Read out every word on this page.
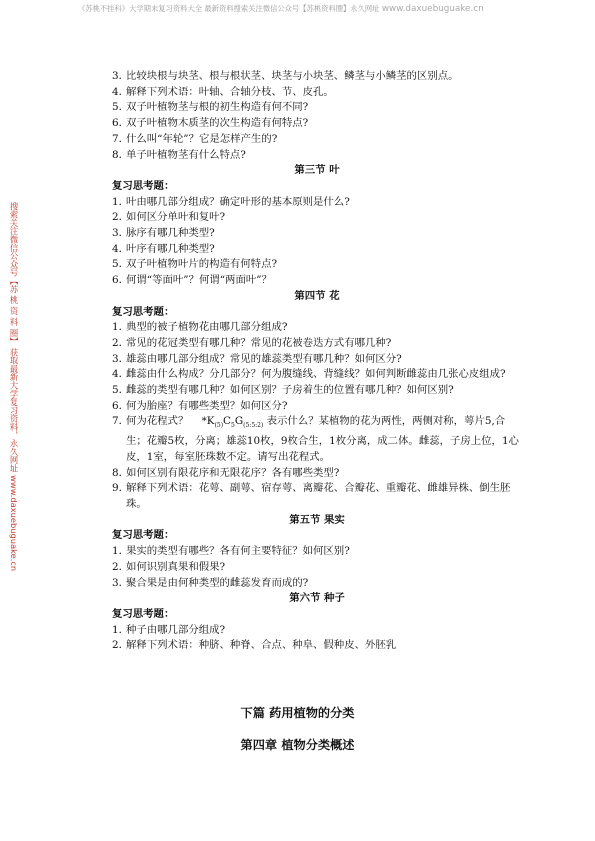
《苏桃不挂科》大学期末复习资料大全 最新资料搜索关注微信公众号【苏桃资料圈】永久网址 www.daxuebuguake.cn
搜索关注微信公众号【苏 桃 资 料 圈】 获取最新大学复习资料，永久网址 www.daxuebuguake.cn
3．
比较块根与块茎、根与根状茎、块茎与小块茎、鳞茎与小鳞茎的区别点。
4．
解释下列术语：叶轴、合轴分枝、节、皮孔。
5．
双子叶植物茎与根的初生构造有何不同?
6．
双子叶植物木质茎的次生构造有何特点?
7．
什么叫“年轮”？它是怎样产生的?
8．
单子叶植物茎有什么特点?
第三节 叶
复习思考题：
1．
叶由哪几部分组成？确定叶形的基本原则是什么?
2．
如何区分单叶和复叶?
3．
脉序有哪几种类型?
4．
叶序有哪几种类型?
5．
双子叶植物叶片的构造有何特点?
6．
何谓“等面叶”？何谓“两面叶”？
第四节 花
复习思考题：
1．
典型的被子植物花由哪几部分组成?
2．
常见的花冠类型有哪几种？常见的花被卷迭方式有哪几种?
3．
雄蕊由哪几部分组成？常见的雄蕊类型有哪几种？如何区分?
4．
雌蕊由什么构成？分几部分？何为腹缝线、背缝线？如何判断雌蕊由几张心皮组成?
5．
雌蕊的类型有哪几种？如何区别？子房着生的位置有哪几种？如何区别?
6．
何为胎座？有哪些类型？如何区分?
7．
何为花程式？ $*K_{(5)}C_5G_{(5:5:2)}$ 表示什么？某植物的花为两性，两侧对称，萼片5,合生；花瓣5枚，分离；雄蕊10枚，9枚合生，1枚分离，成二体。雌蕊，子房上位，1心皮，1室，每室胚珠数不定。请写出花程式。
8．
如何区别有限花序和无限花序？各有哪些类型?
9．
解释下列术语：花萼、副萼、宿存萼、离瓣花、合瓣花、重瓣花、雌雄异株、倒生胚珠。
第五节 果实
复习思考题：
1．
果实的类型有哪些？各有何主要特征？如何区别?
2．
如何识别真果和假果?
3．
聚合果是由何种类型的雌蕊发育而成的?
第六节 种子
复习思考题：
1．
种子由哪几部分组成?
2．
解释下列术语：种脐、种脊、合点、种阜、假种皮、外胚乳
下篇 药用植物的分类
第四章 植物分类概述
